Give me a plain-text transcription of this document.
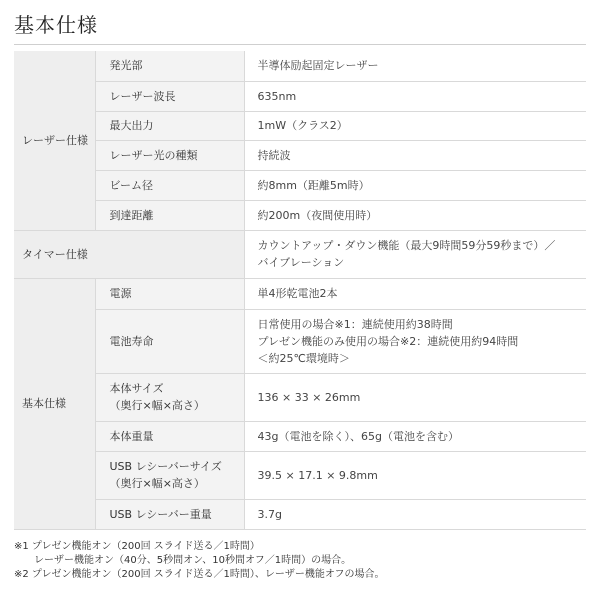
基本仕様
レーザー仕様	発光部	半導体励起固定レーザー
	レーザー波長	635nm
	最大出力	1mW（クラス2）
	レーザー光の種類	持続波
	ビーム径	約8mm（距離5m時）
	到達距離	約200m（夜間使用時）
タイマー仕様		カウントアップ・ダウン機能（最大9時間59分59秒まで）／
バイブレーション
基本仕様	電源	単4形乾電池2本
	電池寿命	日常使用の場合※1：連続使用約38時間
プレゼン機能のみ使用の場合※2：連続使用約94時間
＜約25℃環境時＞
	本体サイズ
（奥行×幅×高さ）	136 × 33 × 26mm
	本体重量	43g（電池を除く）、65g（電池を含む）
	USB レシーバーサイズ
（奥行×幅×高さ）	39.5 × 17.1 × 9.8mm
	USB レシーバー重量	3.7g
※1 プレゼン機能オン（200回 スライド送る／1時間）
　　レーザー機能オン（40分、5秒間オン、10秒間オフ／1時間）の場合。
※2 プレゼン機能オン（200回 スライド送る／1時間）、レーザー機能オフの場合。
